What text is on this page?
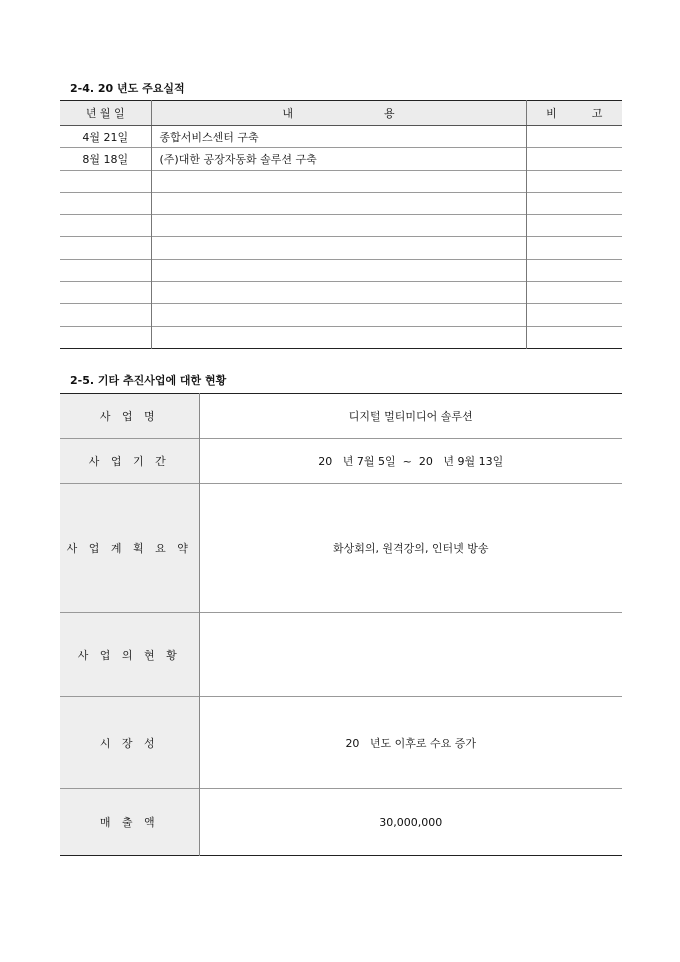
2-4. 20 년도 주요실적
년 월 일	내                          용	비          고
4월 21일	종합서비스센터 구축	
8월 18일	(주)대한 공장자동화 솔루션 구축	

2-5. 기타 추진사업에 대한 현황
사 업 명	디지털 멀티미디어 솔루션
사 업 기 간	20   년 7월 5일  ~  20   년 9월 13일
사 업 계 획 요 약	화상회의, 원격강의, 인터넷 방송
사 업 의 현 황	
시 장 성	20   년도 이후로 수요 증가
매 출 액	30,000,000
